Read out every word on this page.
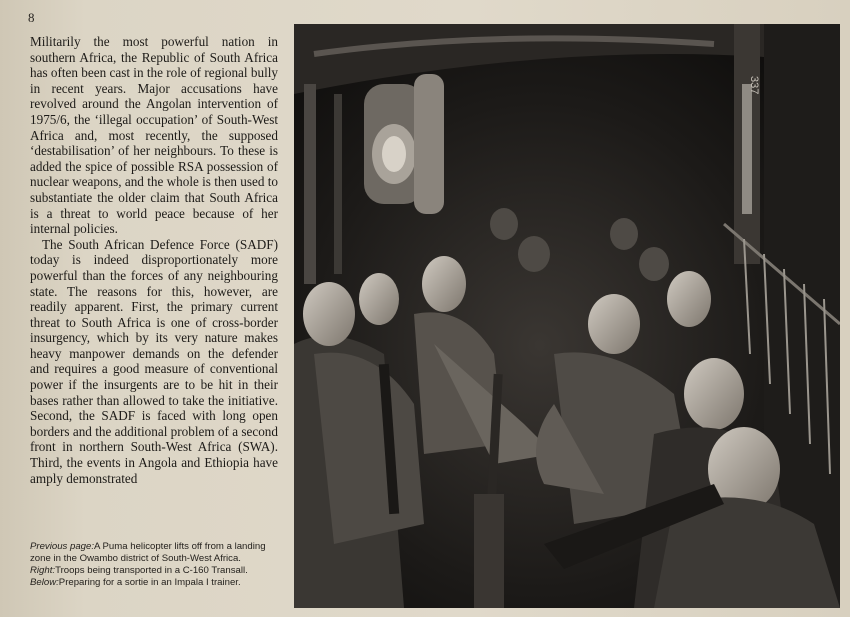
8

Militarily the most powerful nation in southern Africa, the Republic of South Africa has often been cast in the role of regional bully in recent years. Major accusations have revolved around the Angolan intervention of 1975/6, the ‘illegal occupation’ of South-West Africa and, most recently, the supposed ‘destabilisation’ of her neighbours. To these is added the spice of possible RSA possession of nuclear weapons, and the whole is then used to substantiate the older claim that South Africa is a threat to world peace because of her internal policies.

The South African Defence Force (SADF) today is indeed disproportionately more powerful than the forces of any neighbouring state. The reasons for this, however, are readily apparent. First, the primary current threat to South Africa is one of cross-border insurgency, which by its very nature makes heavy manpower demands on the defender and requires a good measure of conventional power if the insurgents are to be hit in their bases rather than allowed to take the initiative. Second, the SADF is faced with long open borders and the additional problem of a second front in northern South-West Africa (SWA). Third, the events in Angola and Ethiopia have amply demonstrated

Previous page:A Puma helicopter lifts off from a landing zone in the Owambo district of South-West Africa.

Right:Troops being transported in a C-160 Transall.

Below:Preparing for a sortie in an Impala I trainer.

337
